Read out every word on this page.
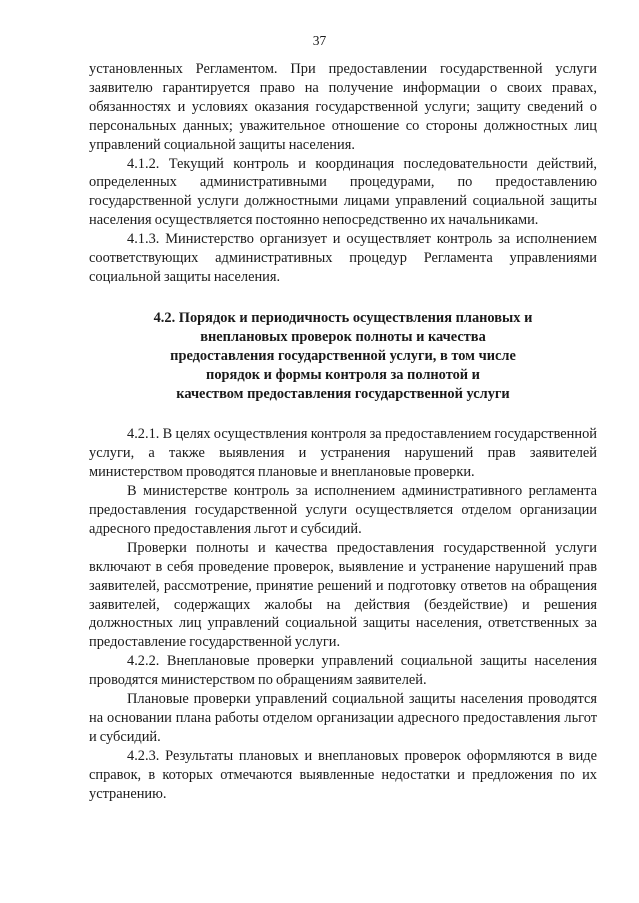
37

установленных Регламентом. При предоставлении государственной услуги заявителю гарантируется право на получение информации о своих правах, обязанностях и условиях оказания государственной услуги; защиту сведений о персональных данных; уважительное отношение со стороны должностных лиц управлений социальной защиты населения.

4.1.2. Текущий контроль и координация последовательности действий, определенных административными процедурами, по предоставлению государственной услуги должностными лицами управлений социальной защиты населения осуществляется постоянно непосредственно их начальниками.

4.1.3. Министерство организует и осуществляет контроль за исполнением соответствующих административных процедур Регламента управлениями социальной защиты населения.

4.2. Порядок и периодичность осуществления плановых и
внеплановых проверок полноты и качества
предоставления государственной услуги, в том числе
порядок и формы контроля за полнотой и
качеством предоставления государственной услуги

4.2.1. В целях осуществления контроля за предоставлением государственной услуги, а также выявления и устранения нарушений прав заявителей министерством проводятся плановые и внеплановые проверки.

В министерстве контроль за исполнением административного регламента предоставления государственной услуги осуществляется отделом организации адресного предоставления льгот и субсидий.

Проверки полноты и качества предоставления государственной услуги включают в себя проведение проверок, выявление и устранение нарушений прав заявителей, рассмотрение, принятие решений и подготовку ответов на обращения заявителей, содержащих жалобы на действия (бездействие) и решения должностных лиц управлений социальной защиты населения, ответственных за предоставление государственной услуги.

4.2.2. Внеплановые проверки управлений социальной защиты населения проводятся министерством по обращениям заявителей.

Плановые проверки управлений социальной защиты населения проводятся на основании плана работы отделом организации адресного предоставления льгот и субсидий.

4.2.3. Результаты плановых и внеплановых проверок оформляются в виде справок, в которых отмечаются выявленные недостатки и предложения по их устранению.
